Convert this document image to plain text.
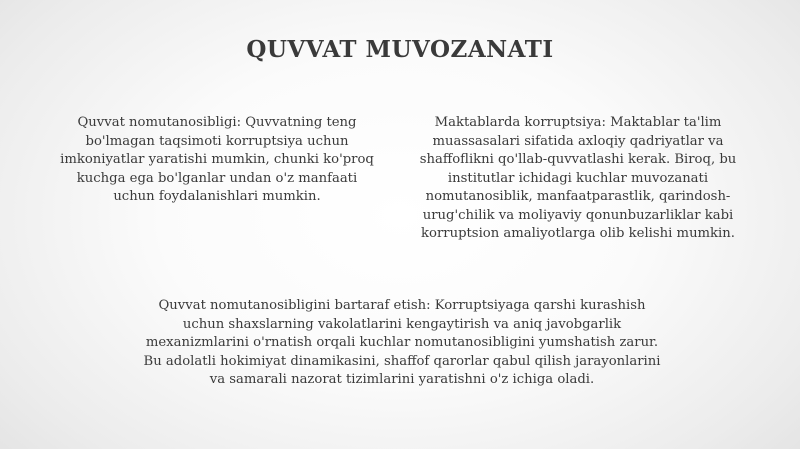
QUVVAT MUVOZANATI

Quvvat nomutanosibligi: Quvvatning teng bo'lmagan taqsimoti korruptsiya uchun imkoniyatlar yaratishi mumkin, chunki ko'proq kuchga ega bo'lganlar undan o'z manfaati uchun foydalanishlari mumkin.

Maktablarda korruptsiya: Maktablar ta'lim muassasalari sifatida axloqiy qadriyatlar va shaffoflikni qo'llab-quvvatlashi kerak. Biroq, bu institutlar ichidagi kuchlar muvozanati nomutanosiblik, manfaatparastlik, qarindosh-urug'chilik va moliyaviy qonunbuzarliklar kabi korruptsion amaliyotlarga olib kelishi mumkin.

Quvvat nomutanosibligini bartaraf etish: Korruptsiyaga qarshi kurashish uchun shaxslarning vakolatlarini kengaytirish va aniq javobgarlik mexanizmlarini o'rnatish orqali kuchlar nomutanosibligini yumshatish zarur. Bu adolatli hokimiyat dinamikasini, shaffof qarorlar qabul qilish jarayonlarini va samarali nazorat tizimlarini yaratishni o'z ichiga oladi.
